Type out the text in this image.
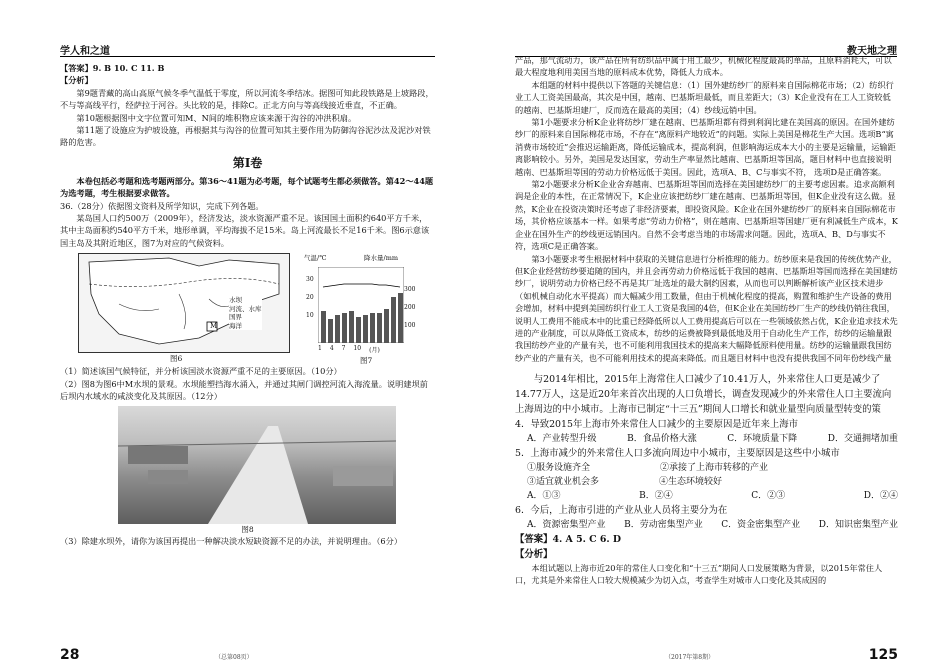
学人和之道	教天地之理

【答案】9. B 10. C 11. B

【分析】

第9题青藏的高山高原气候冬季气温低于零度，所以河流冬季结冰。据图可知此段铁路是上坡路段，不与等高线平行，经萨拉于河谷。头比较的是，排除C。正北方向与等高线接近垂直，不正确。

第10题根据图中文字位置可知M、N间的堆积物应该来源于沟谷的冲洪积扇。

第11题了设施应为护坡设施，再根据其与沟谷的位置可知其主要作用为防御沟谷泥沙汰及泥沙对铁路的危害。

第Ⅰ卷

本卷包括必考题和选考题两部分。第36～41题为必考题，每个试题考生都必须做答。第42～44题为选考题，考生根据要求做答。

36.（28分）依据图文资料及所学知识，完成下列各题。

某岛国人口约500万（2009年），经济发达，淡水资源严重不足。该国国土面积约640平方千米，其中主岛面积约540平方千米，地形单调，平均海拔不足15米。岛上河流最长不足16千米。图6示意该国主岛及其附近地区，图7为对应的气候资料。

M
水坝
河流、水库
国界
海洋
图6
气温/℃	降水量/mm
30
20
10
300
200
100
1 4 7 10 (月)
图7

（1）简述该国气候特征，并分析该国淡水资源严重不足的主要原因。（10分）

（2）图8为图6中M水坝的景观。水坝能塑挡海水涌入，并通过其闸门调控河流入海流量。说明建坝前后坝内水域水的咸淡变化及其原因。（12分）

图8

（3）除建水坝外，请你为该国再提出一种解决淡水短缺资源不足的办法，并说明理由。（6分）

28	（总第08页）

产品，那气流动力，该产品在所有纺织品中属于用工最少，机械化程度最高的单品，且原料消耗大，可以最大程度地利用美国当地的原料成本优势，降低人力成本。

本组题的材料中提供以下答题的关键信息：（1）国外建纺纱厂的原料来自国际棉花市场；（2）纺织行业工人工资美国最高，其次是中国，越南、巴基斯坦最低，而且差距大；（3）K企业没有在工人工资较低的越南、巴基斯坦建厂，反而选在最高的美国；（4）纱线远销中国。

第1小题要求分析K企业将纺纱厂建在越南、巴基斯坦都有得到利润比建在美国高的原因。在国外建纺纱厂的原料来自国际棉花市场，不存在“离原料产地较近”的问题。实际上美国是棉花生产大国。选项B“寓消费市场较近”会推迟运输距离，降低运输成本，提高利润，但影响海运成本大小的主要是运输量，运输距离影响较小。另外，美国是发达国家，劳动生产率显然比越南、巴基斯坦等国高，题目材料中也直接说明越南、巴基斯坦等国的劳动力价格远低于美国。因此，选项A、B、C与事实不符， 选项D是正确答案。

第2小题要求分析K企业舍弃越南、巴基斯坦等国而选择在美国建纺纱厂的主要考虑因素。追求高额利润是企业的本性，在正常情况下，K企业应该把纺纱厂建在越南、巴基斯坦等国，但K企业没有这么做。显然，K企业在投资决策时还考虑了非经济要素，即投资风险。K企业在国外建纺纱厂的原料来自国际棉花市场，其价格应该基本一样。如果考虑“劳动力价格”，则在越南、巴基斯坦等国建厂更有利减低生产成本，K企业在国外生产的纱线更远销国内。自然不会考虑当地的市场需求问题。因此，选项A、B、D与事实不符，选项C是正确答案。

第3小题要求考生根据材料中获取的关键信息进行分析推理的能力。纺纱原来是我国的传统优势产业，但K企业经营纺纱要追随的国内，并且会再劳动力价格远低于我国的越南、巴基斯坦等国而选择在美国建纺纱厂，说明劳动力价格已经不再是其厂址选址的最大制约因素，从而也可以判断解析该产业区技术进步（如机械自动化水平提高）而大幅减少用工数量，但由于机械化程度的提高，购置和维护生产设备的费用会增加，材料中提到美国纺织行业工人工资是我国的4倍，但K企业在美国纺纱厂生产的纱线仍销往我国，说明人工费用不能成本中的比重已经降低所以人工费用提高后可以在一些领域依然占优，K企业追求技术先进的产业制度，可以从降低工资成本，纺纱的运费被降到最低地及用于自动化生产工作，纺纱的运输量跟我国纺纱产业的产量有关，也不可能利用我国技术的提高来大幅降低原料使用量。纺纱的运输量跟我国纺纱产业的产量有关，也不可能利用技术的提高来降低。而且题目材料中也没有提供我国不同年份纱线产量

与2014年相比，2015年上海常住人口减少了10.41万人，外来常住人口更是减少了14.77万人，这是近20年来首次出现的人口负增长，调查发现减少的外来常住人口主要流向上海周边的中小城市。上海市已制定“十三五”期间人口增长和就业量型向质量型转变的策

4．导致2015年上海市外来常住人口减少的主要原因是近年来上海市

A．产业转型升级	B．食品价格大涨	C．环境质量下降	D．交通拥堵加重

5．上海市减少的外来常住人口多流向周边中小城市，主要原因是这些中小城市

①服务设施齐全	②承接了上海市转移的产业
③适宜就业机会多	④生态环境较好
A．①③	B．②④	C．②③	D．②④

6．今后，上海市引进的产业从业人员将主要分为在

A．资源密集型产业 B．劳动密集型产业 C．资金密集型产业 D．知识密集型产业

【答案】4. A 5. C 6. D

【分析】

本组试题以上海市近20年的常住人口变化和“十三五”期间人口发展策略为背景，以2015年常住人口，尤其是外来常住人口较大规模减少为切入点，考查学生对城市人口变化及其成因的

125
（2017年第8期）
